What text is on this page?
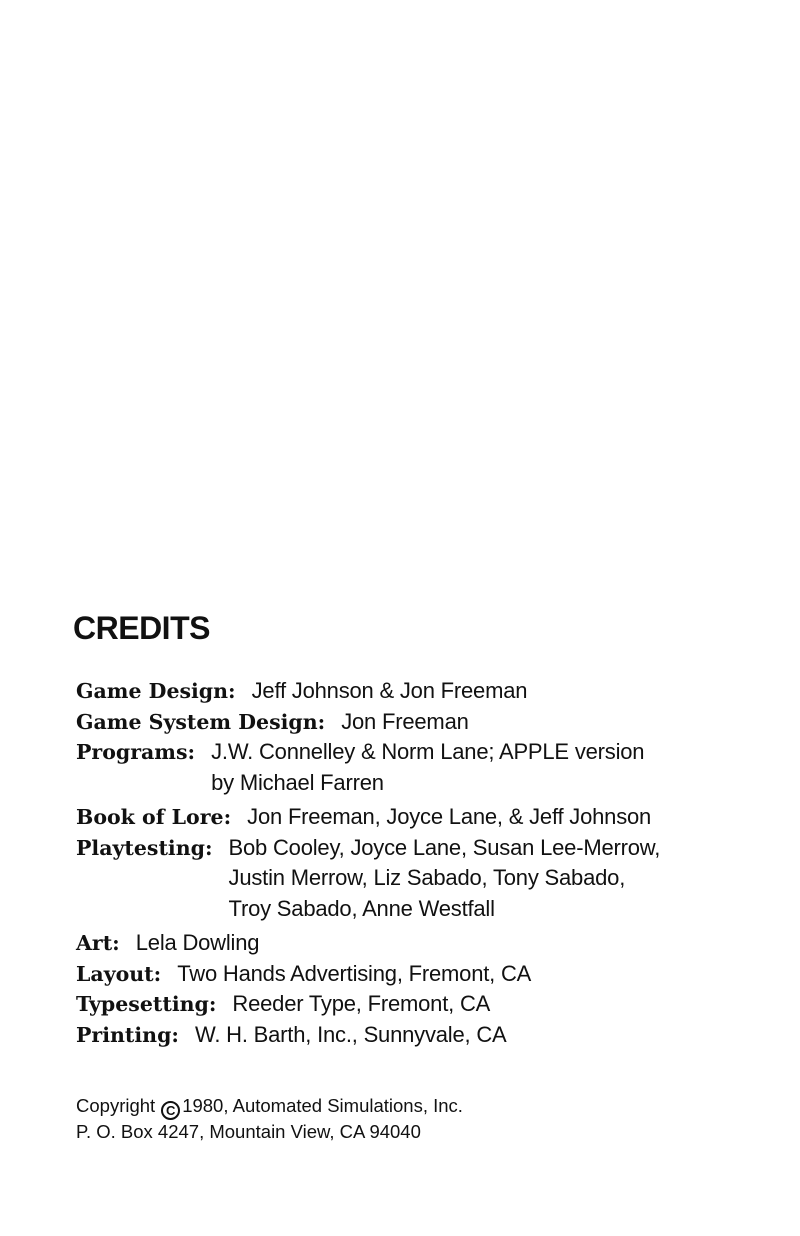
CREDITS
Game Design: Jeff Johnson & Jon Freeman
Game System Design: Jon Freeman
Programs: J.W. Connelley & Norm Lane; APPLE version
by Michael Farren
Book of Lore: Jon Freeman, Joyce Lane, & Jeff Johnson
Playtesting: Bob Cooley, Joyce Lane, Susan Lee-Merrow,
Justin Merrow, Liz Sabado, Tony Sabado,
Troy Sabado, Anne Westfall
Art: Lela Dowling
Layout: Two Hands Advertising, Fremont, CA
Typesetting: Reeder Type, Fremont, CA
Printing: W. H. Barth, Inc., Sunnyvale, CA
Copyright C 1980, Automated Simulations, Inc.
P. O. Box 4247, Mountain View, CA 94040
